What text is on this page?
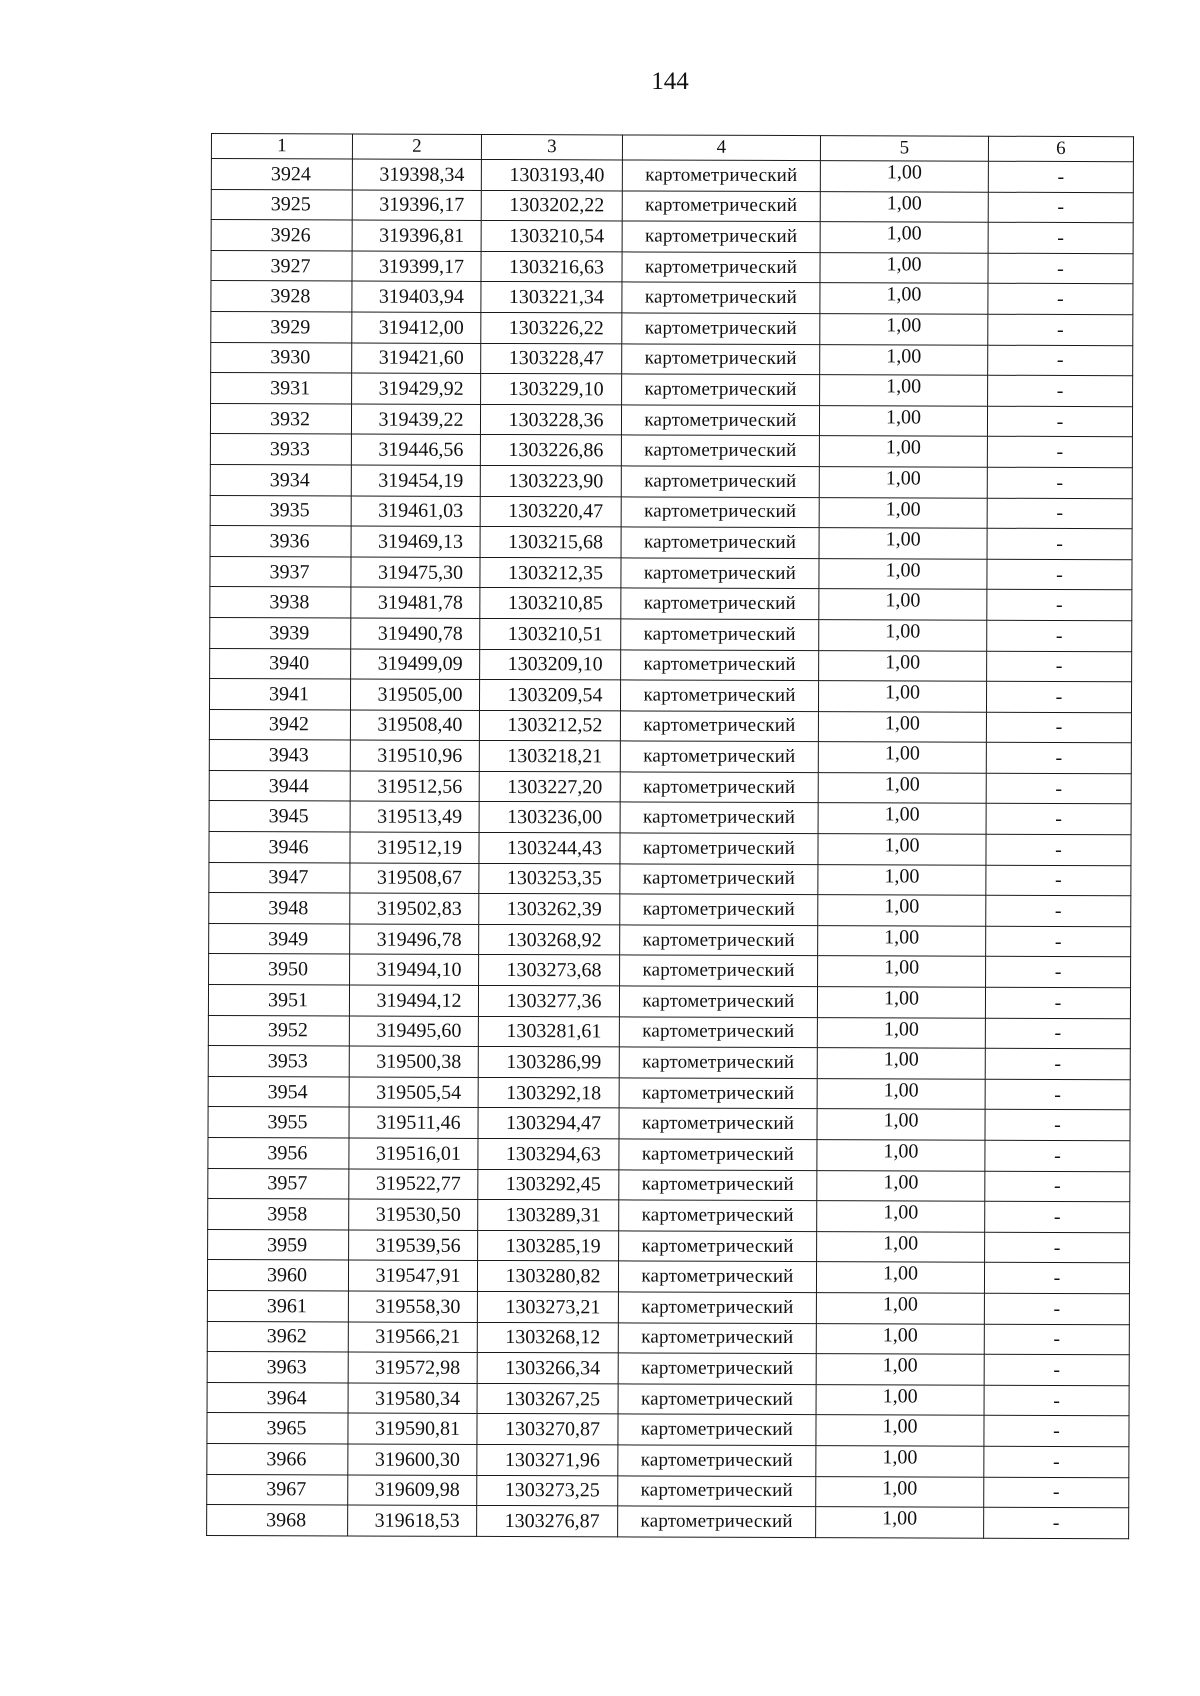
144
1	2	3	4	5	6
3924	319398,34	1303193,40	картометрический	1,00	-
3925	319396,17	1303202,22	картометрический	1,00	-
3926	319396,81	1303210,54	картометрический	1,00	-
3927	319399,17	1303216,63	картометрический	1,00	-
3928	319403,94	1303221,34	картометрический	1,00	-
3929	319412,00	1303226,22	картометрический	1,00	-
3930	319421,60	1303228,47	картометрический	1,00	-
3931	319429,92	1303229,10	картометрический	1,00	-
3932	319439,22	1303228,36	картометрический	1,00	-
3933	319446,56	1303226,86	картометрический	1,00	-
3934	319454,19	1303223,90	картометрический	1,00	-
3935	319461,03	1303220,47	картометрический	1,00	-
3936	319469,13	1303215,68	картометрический	1,00	-
3937	319475,30	1303212,35	картометрический	1,00	-
3938	319481,78	1303210,85	картометрический	1,00	-
3939	319490,78	1303210,51	картометрический	1,00	-
3940	319499,09	1303209,10	картометрический	1,00	-
3941	319505,00	1303209,54	картометрический	1,00	-
3942	319508,40	1303212,52	картометрический	1,00	-
3943	319510,96	1303218,21	картометрический	1,00	-
3944	319512,56	1303227,20	картометрический	1,00	-
3945	319513,49	1303236,00	картометрический	1,00	-
3946	319512,19	1303244,43	картометрический	1,00	-
3947	319508,67	1303253,35	картометрический	1,00	-
3948	319502,83	1303262,39	картометрический	1,00	-
3949	319496,78	1303268,92	картометрический	1,00	-
3950	319494,10	1303273,68	картометрический	1,00	-
3951	319494,12	1303277,36	картометрический	1,00	-
3952	319495,60	1303281,61	картометрический	1,00	-
3953	319500,38	1303286,99	картометрический	1,00	-
3954	319505,54	1303292,18	картометрический	1,00	-
3955	319511,46	1303294,47	картометрический	1,00	-
3956	319516,01	1303294,63	картометрический	1,00	-
3957	319522,77	1303292,45	картометрический	1,00	-
3958	319530,50	1303289,31	картометрический	1,00	-
3959	319539,56	1303285,19	картометрический	1,00	-
3960	319547,91	1303280,82	картометрический	1,00	-
3961	319558,30	1303273,21	картометрический	1,00	-
3962	319566,21	1303268,12	картометрический	1,00	-
3963	319572,98	1303266,34	картометрический	1,00	-
3964	319580,34	1303267,25	картометрический	1,00	-
3965	319590,81	1303270,87	картометрический	1,00	-
3966	319600,30	1303271,96	картометрический	1,00	-
3967	319609,98	1303273,25	картометрический	1,00	-
3968	319618,53	1303276,87	картометрический	1,00	-
